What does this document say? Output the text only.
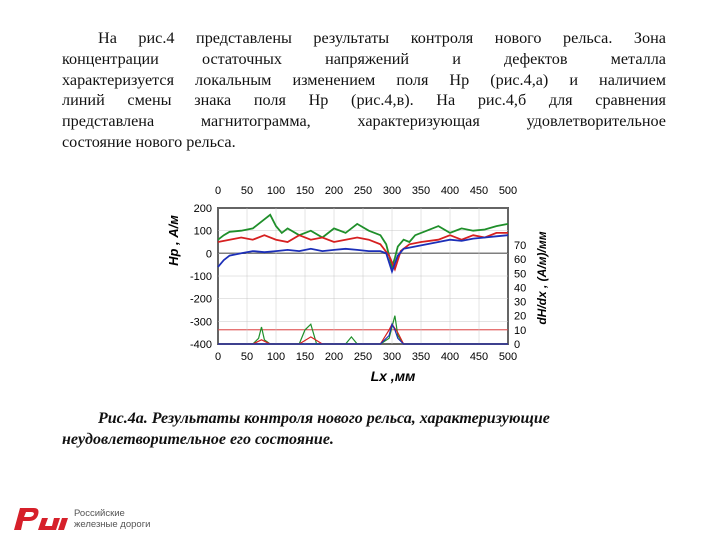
На рис.4 представлены результаты контроля нового рельса. Зона
концентрации остаточных напряжений и дефектов металла
характеризуется локальным изменением поля Нр (рис.4,а) и наличием
линий смены знака поля Нр (рис.4,в). На рис.4,б для сравнения
представлена магнитограмма, характеризующая удовлетворительное
состояние нового рельса.

0 50 100 150 200 250 300 350 400 450 500
0 50 100 150 200 250 300 350 400 450 500
200
100
0
-100
-200
-300
-400
70
60
50
40
30
20
10
0
Hp , А/м	dH/dx , (А/м)/мм
Lx ,мм

Рис.4а. Результаты контроля нового рельса, характеризующие
неудовлетворительное его состояние.

Российские
железные дороги
